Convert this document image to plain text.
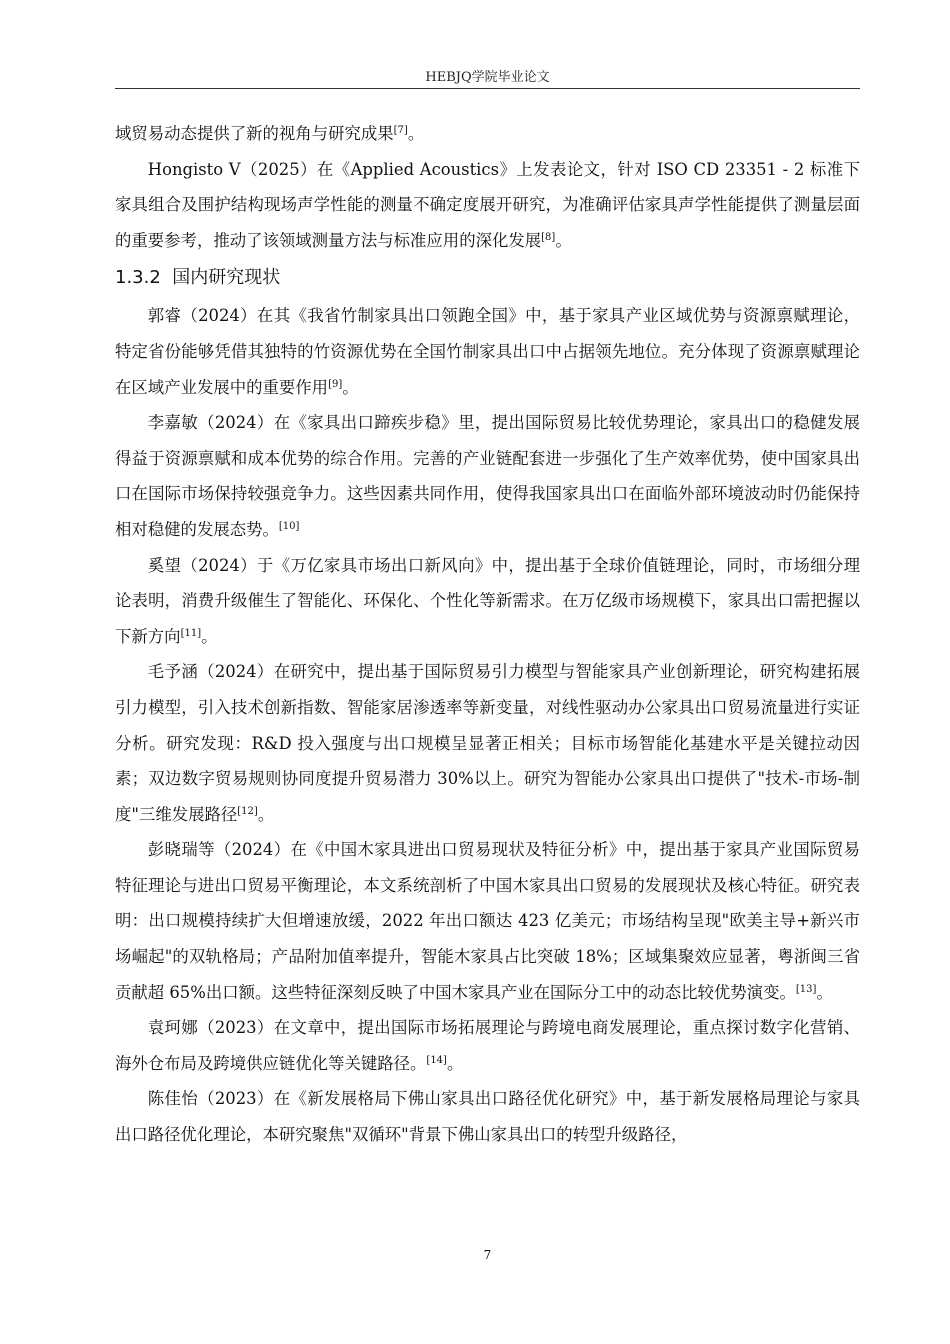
HEBJQ学院毕业论文

域贸易动态提供了新的视角与研究成果[7]。

Hongisto V（2025）在《Applied Acoustics》上发表论文，针对 ISO CD 23351 - 2 标准下家具组合及围护结构现场声学性能的测量不确定度展开研究，为准确评估家具声学性能提供了测量层面的重要参考，推动了该领域测量方法与标准应用的深化发展[8]。

1.3.2 国内研究现状

郭睿（2024）在其《我省竹制家具出口领跑全国》中，基于家具产业区域优势与资源禀赋理论，特定省份能够凭借其独特的竹资源优势在全国竹制家具出口中占据领先地位。充分体现了资源禀赋理论在区域产业发展中的重要作用[9]。

李嘉敏（2024）在《家具出口蹄疾步稳》里，提出国际贸易比较优势理论，家具出口的稳健发展得益于资源禀赋和成本优势的综合作用。完善的产业链配套进一步强化了生产效率优势，使中国家具出口在国际市场保持较强竞争力。这些因素共同作用，使得我国家具出口在面临外部环境波动时仍能保持相对稳健的发展态势。[10]

奚望（2024）于《万亿家具市场出口新风向》中，提出基于全球价值链理论，同时，市场细分理论表明，消费升级催生了智能化、环保化、个性化等新需求。在万亿级市场规模下，家具出口需把握以下新方向[11]。

毛予涵（2024）在研究中，提出基于国际贸易引力模型与智能家具产业创新理论，研究构建拓展引力模型，引入技术创新指数、智能家居渗透率等新变量，对线性驱动办公家具出口贸易流量进行实证分析。研究发现：R&D 投入强度与出口规模呈显著正相关；目标市场智能化基建水平是关键拉动因素；双边数字贸易规则协同度提升贸易潜力 30%以上。研究为智能办公家具出口提供了"技术-市场-制度"三维发展路径[12]。

彭晓瑞等（2024）在《中国木家具进出口贸易现状及特征分析》中，提出基于家具产业国际贸易特征理论与进出口贸易平衡理论，本文系统剖析了中国木家具出口贸易的发展现状及核心特征。研究表明：出口规模持续扩大但增速放缓，2022 年出口额达 423 亿美元；市场结构呈现"欧美主导+新兴市场崛起"的双轨格局；产品附加值率提升，智能木家具占比突破 18%；区域集聚效应显著，粤浙闽三省贡献超 65%出口额。这些特征深刻反映了中国木家具产业在国际分工中的动态比较优势演变。[13]。

袁珂娜（2023）在文章中，提出国际市场拓展理论与跨境电商发展理论，重点探讨数字化营销、海外仓布局及跨境供应链优化等关键路径。[14]。

陈佳怡（2023）在《新发展格局下佛山家具出口路径优化研究》中，基于新发展格局理论与家具出口路径优化理论，本研究聚焦"双循环"背景下佛山家具出口的转型升级路径，

7
